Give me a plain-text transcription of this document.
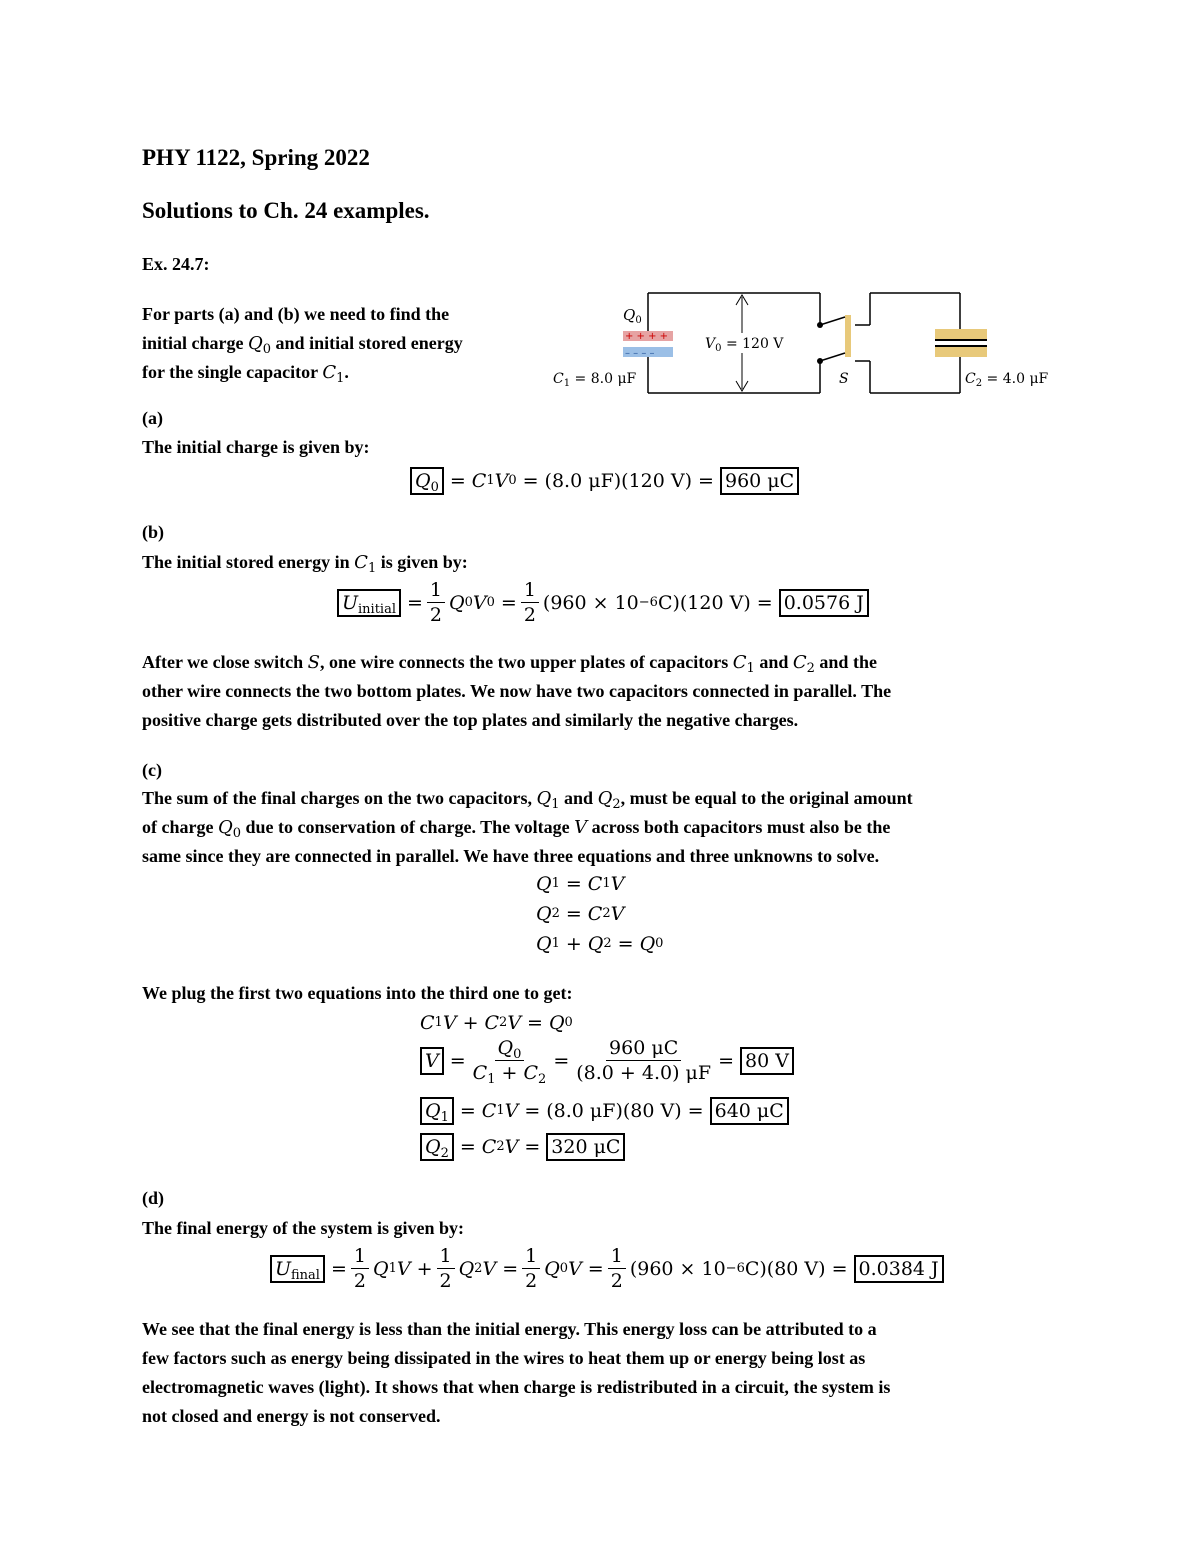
PHY 1122, Spring 2022
Solutions to Ch. 24 examples.
Ex. 24.7:
For parts (a) and (b) we need to find the
initial charge $Q_0$ and initial stored energy
for the single capacitor $C_1$.
+ + + +
– – – –
$Q_0$
$V_0 = 120$ V
$C_1 = 8.0$ μF	S	$C_2 = 4.0$ μF
(a)
The initial charge is given by:
$Q_0 = C$ 1 V 0 = (8.0 μF)(120 V) = 960 μC
(b)
The initial stored energy in $C_1$ is given by:
$U_{initial} = \frac{1}{2}$ Q 0 V $0 = \frac{1}{2} (960 \times 10 -6$ C)(120 V) = 0.0576 J
After we close switch S, one wire connects the two upper plates of capacitors $C_1$ and $C_2$ and the
other wire connects the two bottom plates. We now have two capacitors connected in parallel. The
positive charge gets distributed over the top plates and similarly the negative charges.
(c)
The sum of the final charges on the two capacitors, $Q_1$ and $Q_2$, must be equal to the original amount
of charge $Q_0$ due to conservation of charge. The voltage V across both capacitors must also be the
same since they are connected in parallel. We have three equations and three unknowns to solve.
Q 1 = C 1 V
Q 2 = C 2 V
Q 1 + Q 2 = Q 0
We plug the first two equations into the third one to get:
C 1 V + C 2 V = Q 0
$V = \frac{Q_0}{C_1 + C_2} = \frac{960 \mu C}{(8.0 + 4.0) \mu F} = 80$ V
$Q_1 = C$ 1 V = (8.0 μF)(80 V) = 640 μC
$Q_2 = C$ 2 V = 320 μC
(d)
The final energy of the system is given by:
$U_{final} = \frac{1}{2}$ Q 1 $V + \frac{1}{2}$ Q 2 $V = \frac{1}{2}$ Q 0 $V = \frac{1}{2} (960 \times 10 -6$ C)(80 V) = 0.0384 J
We see that the final energy is less than the initial energy. This energy loss can be attributed to a
few factors such as energy being dissipated in the wires to heat them up or energy being lost as
electromagnetic waves (light). It shows that when charge is redistributed in a circuit, the system is
not closed and energy is not conserved.
